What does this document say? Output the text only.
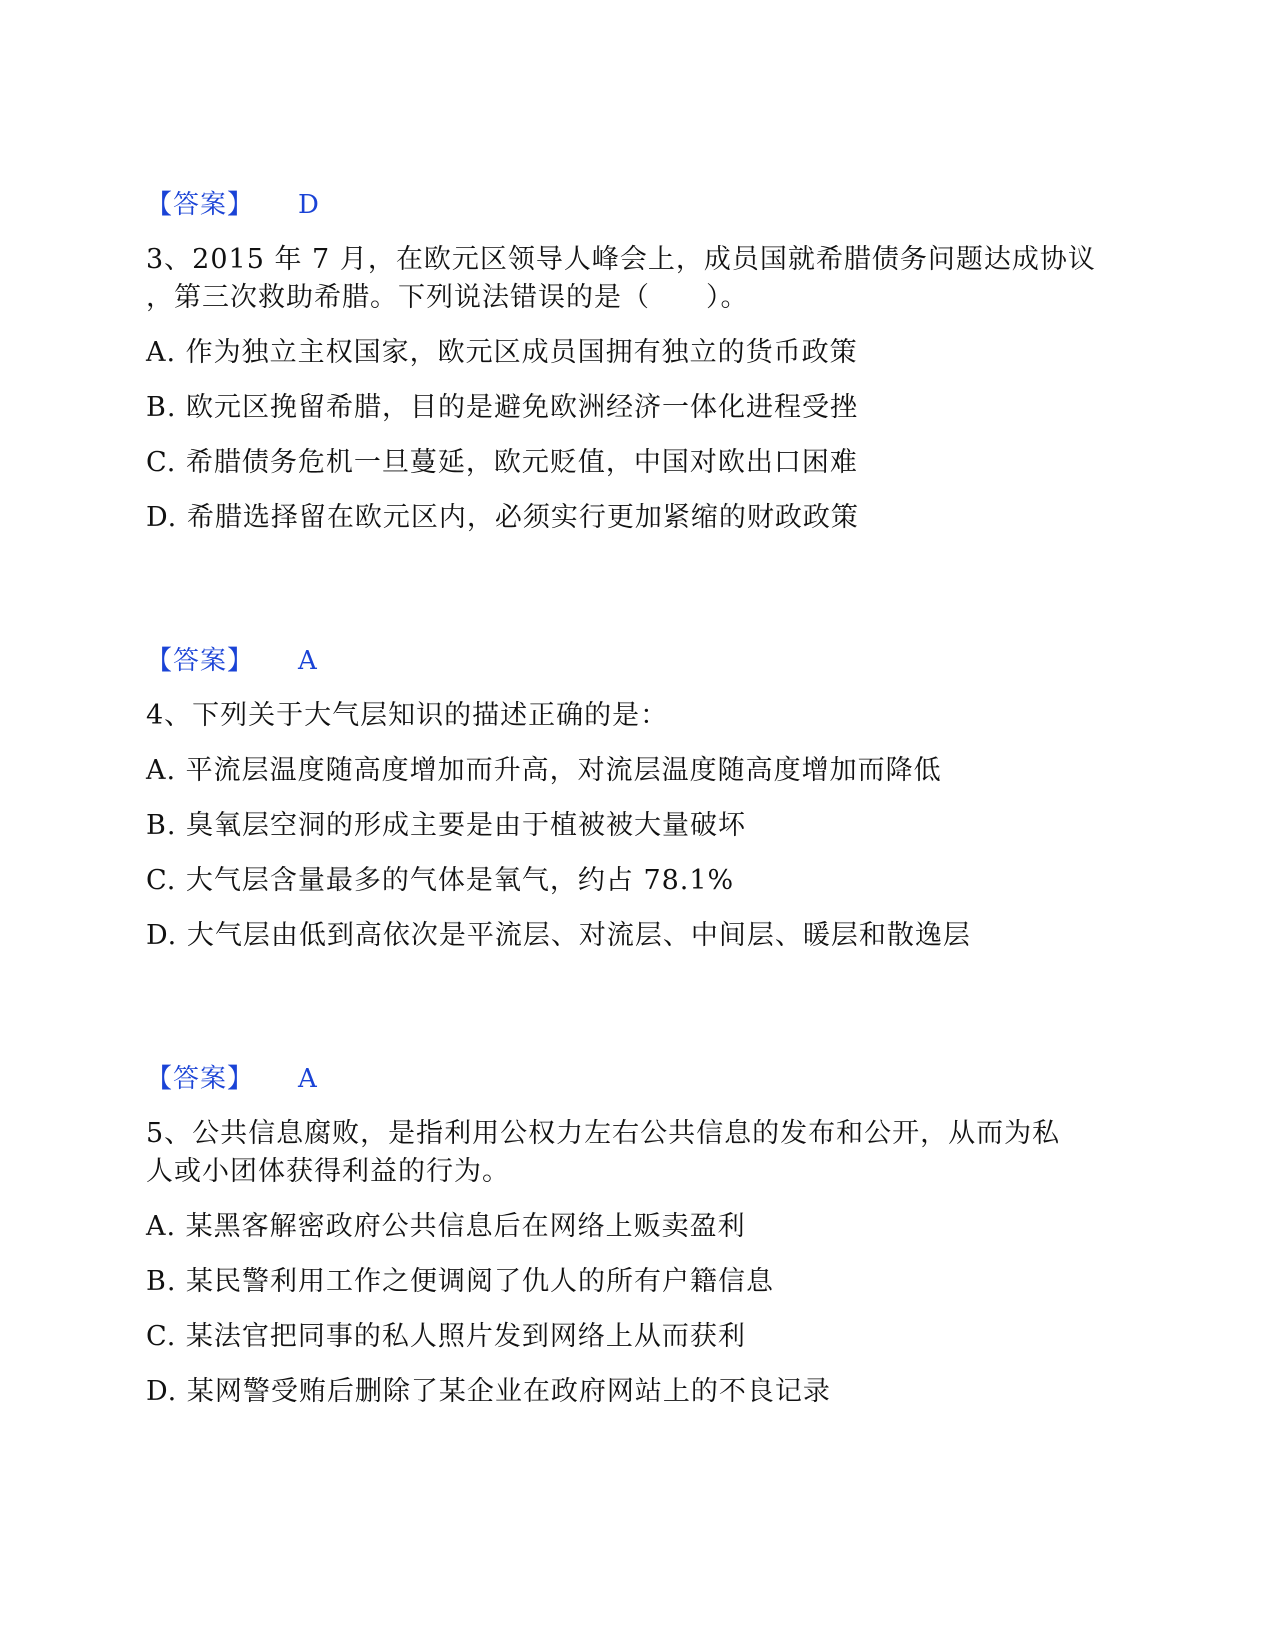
【答案】 D
3、2015 年 7 月，在欧元区领导人峰会上，成员国就希腊债务问题达成协议
，第三次救助希腊。下列说法错误的是（　　）。
A. 作为独立主权国家，欧元区成员国拥有独立的货币政策
B. 欧元区挽留希腊，目的是避免欧洲经济一体化进程受挫
C. 希腊债务危机一旦蔓延，欧元贬值，中国对欧出口困难
D. 希腊选择留在欧元区内，必须实行更加紧缩的财政政策
【答案】 A
4、下列关于大气层知识的描述正确的是：
A. 平流层温度随高度增加而升高，对流层温度随高度增加而降低
B. 臭氧层空洞的形成主要是由于植被被大量破坏
C. 大气层含量最多的气体是氧气，约占 78.1%
D. 大气层由低到高依次是平流层、对流层、中间层、暖层和散逸层
【答案】 A
5、公共信息腐败，是指利用公权力左右公共信息的发布和公开，从而为私
人或小团体获得利益的行为。
A. 某黑客解密政府公共信息后在网络上贩卖盈利
B. 某民警利用工作之便调阅了仇人的所有户籍信息
C. 某法官把同事的私人照片发到网络上从而获利
D. 某网警受贿后删除了某企业在政府网站上的不良记录
